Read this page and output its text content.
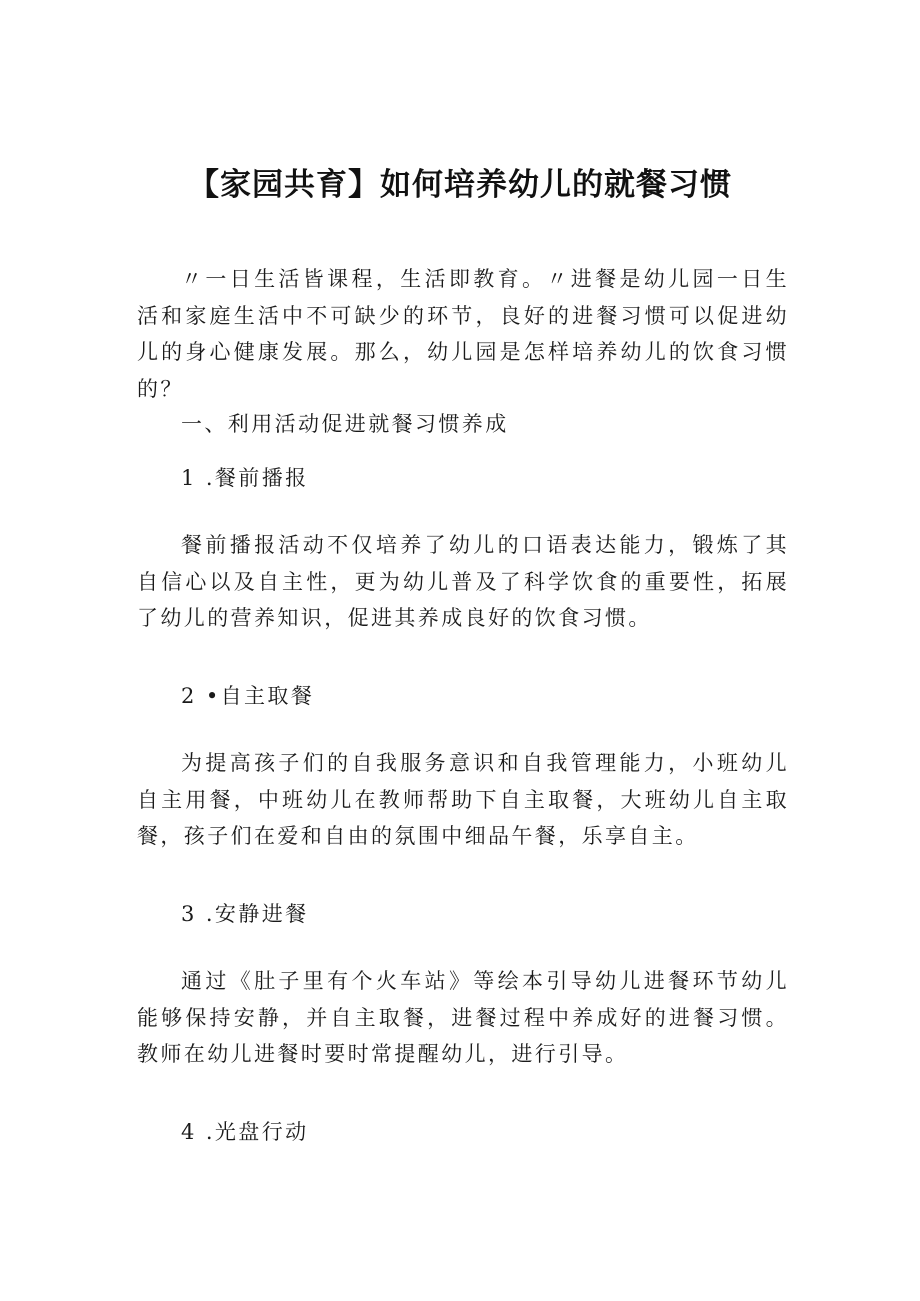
【家园共育】如何培养幼儿的就餐习惯

〃一日生活皆课程，生活即教育。〃进餐是幼儿园一日生活和家庭生活中不可缺少的环节，良好的进餐习惯可以促进幼儿的身心健康发展。那么，幼儿园是怎样培养幼儿的饮食习惯的？

一、利用活动促进就餐习惯养成
1 .餐前播报

餐前播报活动不仅培养了幼儿的口语表达能力，锻炼了其自信心以及自主性，更为幼儿普及了科学饮食的重要性，拓展了幼儿的营养知识，促进其养成良好的饮食习惯。

2 •自主取餐

为提高孩子们的自我服务意识和自我管理能力，小班幼儿自主用餐，中班幼儿在教师帮助下自主取餐，大班幼儿自主取餐，孩子们在爱和自由的氛围中细品午餐，乐享自主。

3 .安静进餐

通过《肚子里有个火车站》等绘本引导幼儿进餐环节幼儿能够保持安静，并自主取餐，进餐过程中养成好的进餐习惯。教师在幼儿进餐时要时常提醒幼儿，进行引导。

4 .光盘行动
